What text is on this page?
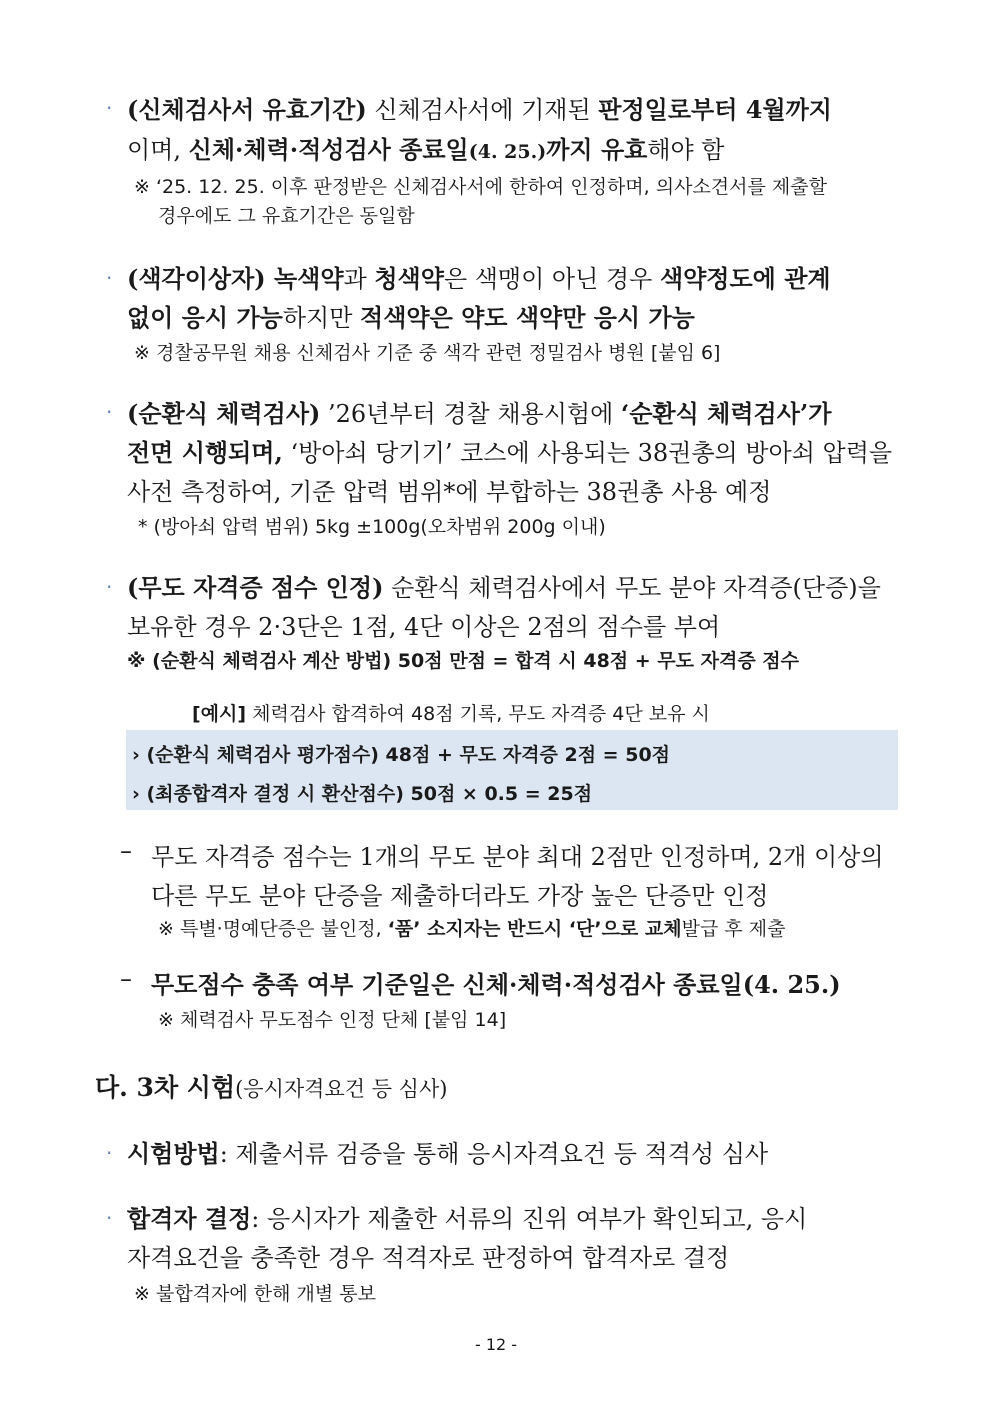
· (신체검사서 유효기간) 신체검사서에 기재된 판정일로부터 4월까지
이며, 신체·체력·적성검사 종료일(4. 25.)까지 유효해야 함
※ ‘25. 12. 25. 이후 판정받은 신체검사서에 한하여 인정하며, 의사소견서를 제출할
경우에도 그 유효기간은 동일함
· (색각이상자) 녹색약과 청색약은 색맹이 아닌 경우 색약정도에 관계
없이 응시 가능하지만 적색약은 약도 색약만 응시 가능
※ 경찰공무원 채용 신체검사 기준 중 색각 관련 정밀검사 병원 [붙임 6]
· (순환식 체력검사) ’26년부터 경찰 채용시험에 ‘순환식 체력검사’가
전면 시행되며, ‘방아쇠 당기기’ 코스에 사용되는 38권총의 방아쇠 압력을
사전 측정하여, 기준 압력 범위*에 부합하는 38권총 사용 예정
* (방아쇠 압력 범위) 5kg ±100g(오차범위 200g 이내)
· (무도 자격증 점수 인정) 순환식 체력검사에서 무도 분야 자격증(단증)을
보유한 경우 2·3단은 1점, 4단 이상은 2점의 점수를 부여
※ (순환식 체력검사 계산 방법) 50점 만점 = 합격 시 48점 + 무도 자격증 점수
[예시] 체력검사 합격하여 48점 기록, 무도 자격증 4단 보유 시
› (순환식 체력검사 평가점수) 48점 + 무도 자격증 2점 = 50점
› (최종합격자 결정 시 환산점수) 50점 × 0.5 = 25점
– 무도 자격증 점수는 1개의 무도 분야 최대 2점만 인정하며, 2개 이상의
다른 무도 분야 단증을 제출하더라도 가장 높은 단증만 인정
※ 특별·명예단증은 불인정, ‘품’ 소지자는 반드시 ‘단’으로 교체발급 후 제출
– 무도점수 충족 여부 기준일은 신체·체력·적성검사 종료일(4. 25.)
※ 체력검사 무도점수 인정 단체 [붙임 14]
다. 3차 시험(응시자격요건 등 심사)
· 시험방법: 제출서류 검증을 통해 응시자격요건 등 적격성 심사
· 합격자 결정: 응시자가 제출한 서류의 진위 여부가 확인되고, 응시
자격요건을 충족한 경우 적격자로 판정하여 합격자로 결정
※ 불합격자에 한해 개별 통보
- 12 -
